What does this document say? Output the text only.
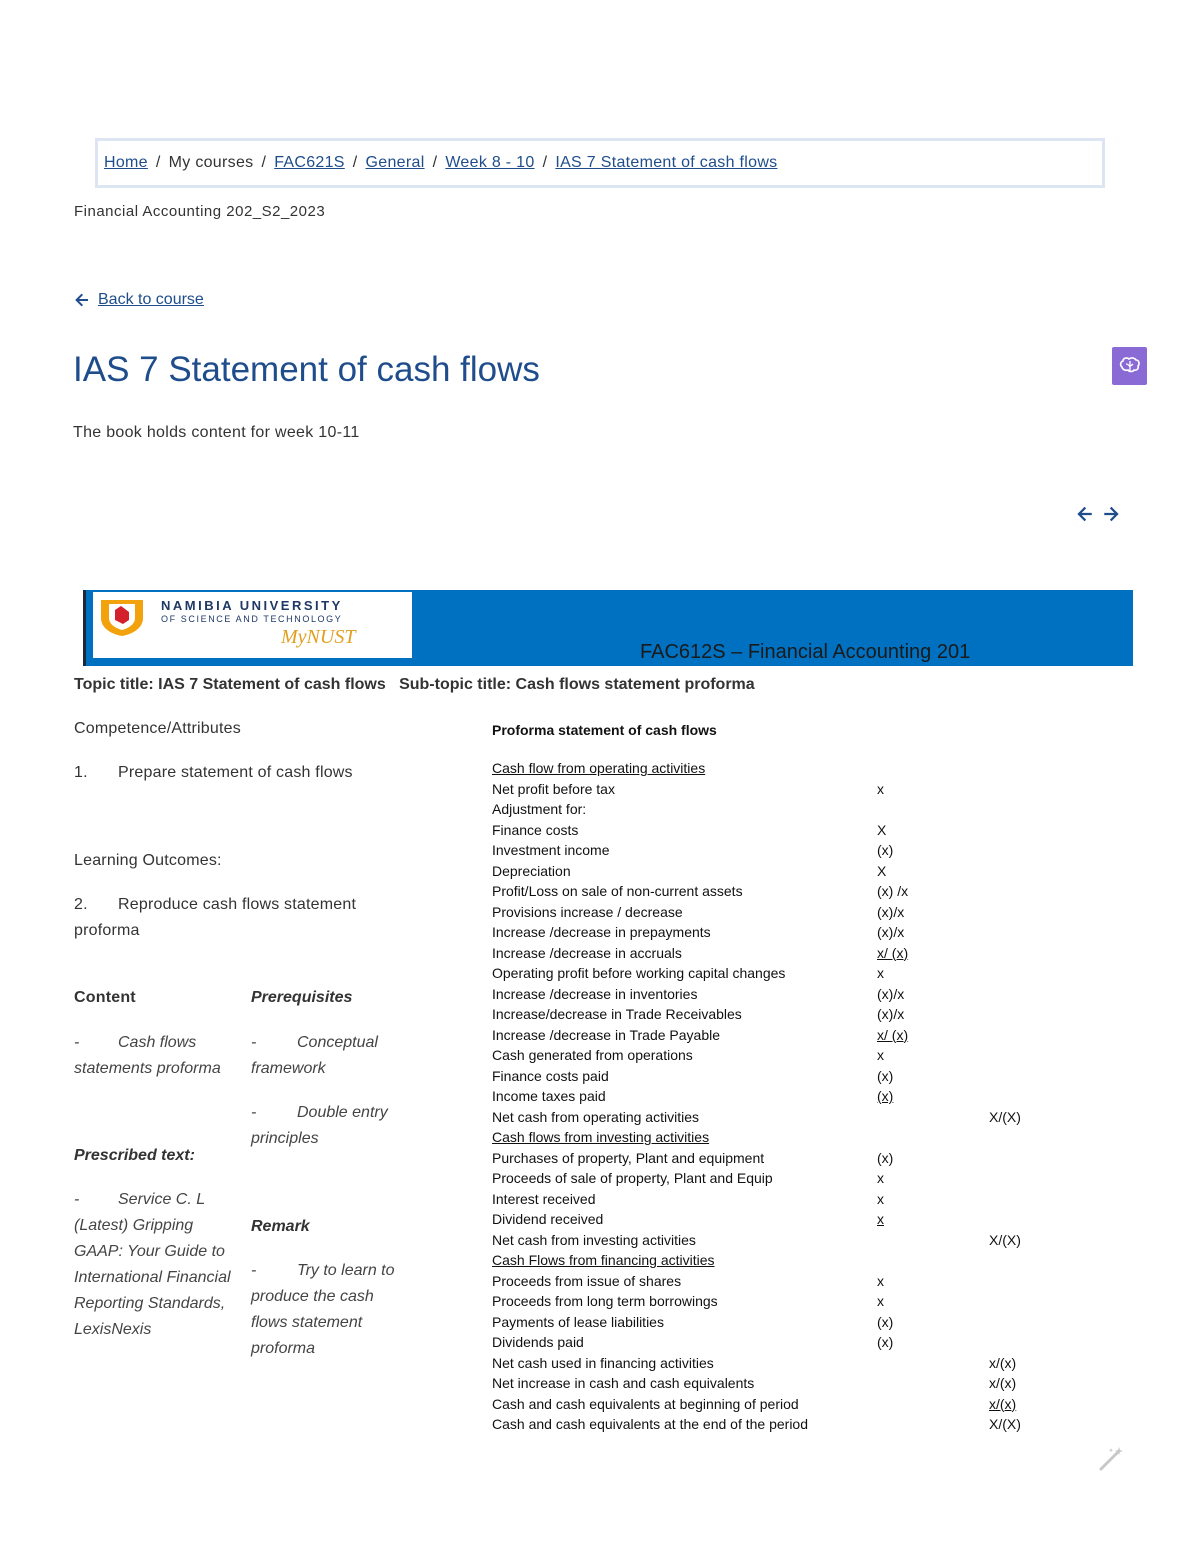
Home / My courses / FAC621S / General / Week 8 - 10 / IAS 7 Statement of cash flows
Financial Accounting 202_S2_2023
Back to course
IAS 7 Statement of cash flows
The book holds content for week 10-11
NAMIBIA UNIVERSITY
OF SCIENCE AND TECHNOLOGY
MyNUST
FAC612S – Financial Accounting 201
Topic title: IAS 7 Statement of cash flows   Sub-topic title: Cash flows statement proforma
Competence/Attributes
1. Prepare statement of cash flows
Learning Outcomes:
2. Reproduce cash flows statement
proforma
Content	Prerequisites
- Cash flows
statements proforma
-	Conceptual
framework
-	Double entry
principles
Prescribed text:
-	Service C. L
(Latest) Gripping
GAAP: Your Guide to
International Financial
Reporting Standards,
LexisNexis
Remark
-	Try to learn to
produce the cash
flows statement
proforma
Proforma statement of cash flows
Cash flow from operating activities
Net profit before tax	x
Adjustment for:
Finance costs	X
Investment income	(x)
Depreciation	X
Profit/Loss on sale of non-current assets	(x) /x
Provisions increase / decrease	(x)/x
Increase /decrease in prepayments	(x)/x
Increase /decrease in accruals	x/ (x)
Operating profit before working capital changes	x
Increase /decrease in inventories	(x)/x
Increase/decrease in Trade Receivables	(x)/x
Increase /decrease in Trade Payable	x/ (x)
Cash generated from operations	x
Finance costs paid	(x)
Income taxes paid	(x)
Net cash from operating activities	X/(X)
Cash flows from investing activities
Purchases of property, Plant and equipment	(x)
Proceeds of sale of property, Plant and Equip	x
Interest received	x
Dividend received	x
Net cash from investing activities	X/(X)
Cash Flows from financing activities
Proceeds from issue of shares	x
Proceeds from long term borrowings	x
Payments of lease liabilities	(x)
Dividends paid	(x)
Net cash used in financing activities	x/(x)
Net increase in cash and cash equivalents	x/(x)
Cash and cash equivalents at beginning of period	x/(x)
Cash and cash equivalents at the end of the period	X/(X)
